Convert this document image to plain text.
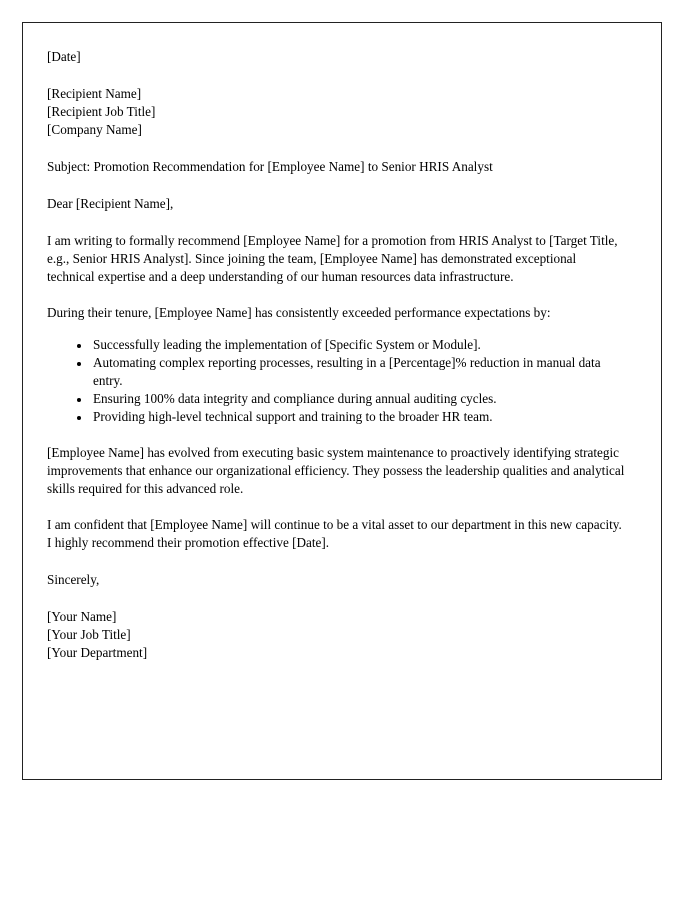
[Date]
[Recipient Name]
[Recipient Job Title]
[Company Name]
Subject: Promotion Recommendation for [Employee Name] to Senior HRIS Analyst
Dear [Recipient Name],
I am writing to formally recommend [Employee Name] for a promotion from HRIS Analyst to [Target Title, e.g., Senior HRIS Analyst]. Since joining the team, [Employee Name] has demonstrated exceptional technical expertise and a deep understanding of our human resources data infrastructure.
During their tenure, [Employee Name] has consistently exceeded performance expectations by:
• Successfully leading the implementation of [Specific System or Module].
• Automating complex reporting processes, resulting in a [Percentage]% reduction in manual data entry.
• Ensuring 100% data integrity and compliance during annual auditing cycles.
• Providing high-level technical support and training to the broader HR team.
[Employee Name] has evolved from executing basic system maintenance to proactively identifying strategic improvements that enhance our organizational efficiency. They possess the leadership qualities and analytical skills required for this advanced role.
I am confident that [Employee Name] will continue to be a vital asset to our department in this new capacity. I highly recommend their promotion effective [Date].
Sincerely,
[Your Name]
[Your Job Title]
[Your Department]
